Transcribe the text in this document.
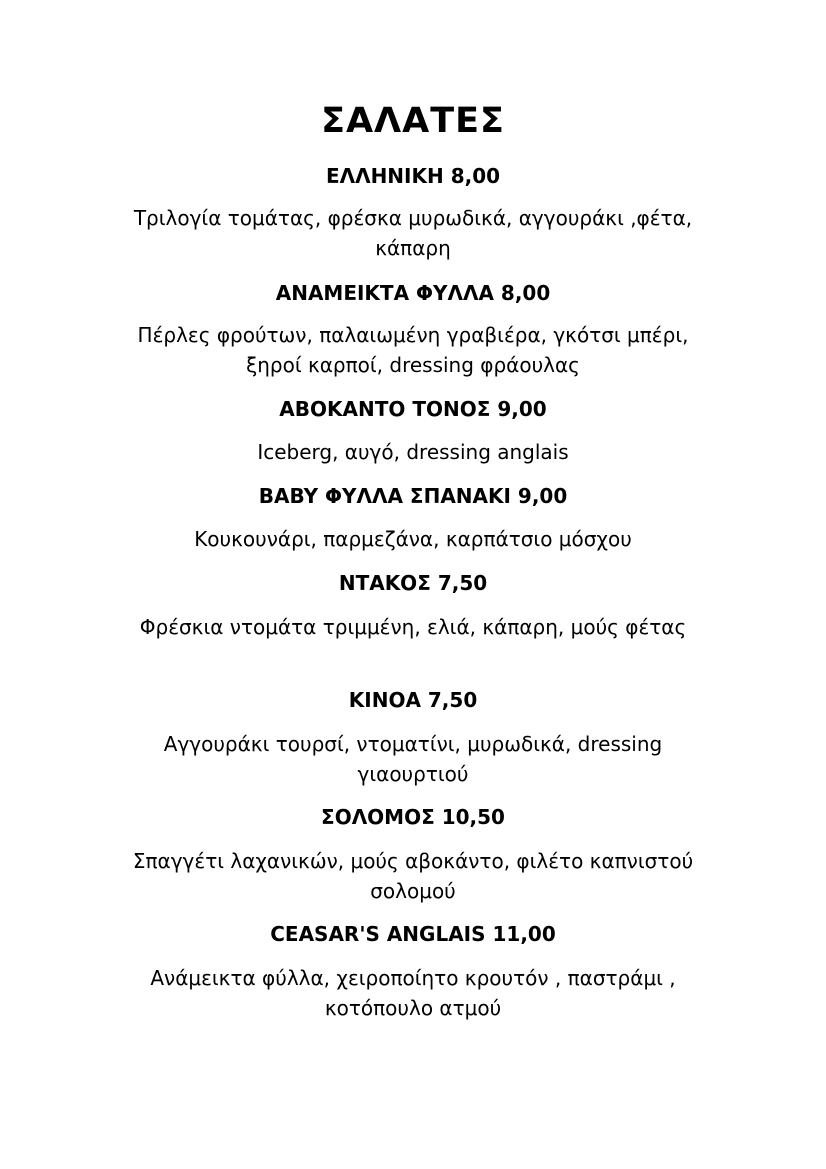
ΣΑΛΑΤΕΣ
ΕΛΛΗΝΙΚΗ 8,00
Τριλογία τομάτας, φρέσκα μυρωδικά, αγγουράκι ,φέτα, κάπαρη
ΑΝΑΜΕΙΚΤΑ ΦΥΛΛΑ 8,00
Πέρλες φρούτων, παλαιωμένη γραβιέρα, γκότσι μπέρι, ξηροί καρποί, dressing φράουλας
ΑΒΟΚΑΝΤΟ ΤΟΝΟΣ 9,00
Iceberg, αυγό, dressing anglais
BABY ΦΥΛΛΑ ΣΠΑΝΑΚΙ 9,00
Κουκουνάρι, παρμεζάνα, καρπάτσιο μόσχου
ΝΤΑΚΟΣ 7,50
Φρέσκια ντομάτα τριμμένη, ελιά, κάπαρη, μούς φέτας
ΚΙΝΟΑ 7,50
Αγγουράκι τουρσί, ντοματίνι, μυρωδικά, dressing γιαουρτιού
ΣΟΛΟΜΟΣ 10,50
Σπαγγέτι λαχανικών, μούς αβοκάντο, φιλέτο καπνιστού σολομού
CEASAR'S ANGLAIS 11,00
Ανάμεικτα φύλλα, χειροποίητο κρουτόν , παστράμι , κοτόπουλο ατμού
